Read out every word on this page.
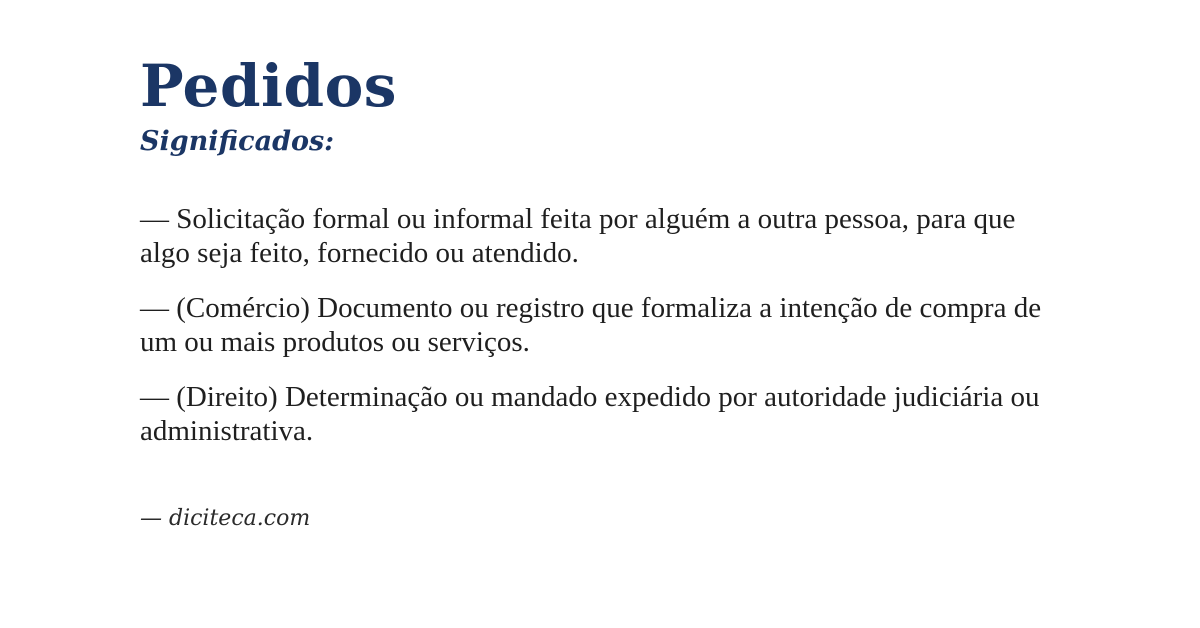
Pedidos
Significados:

— Solicitação formal ou informal feita por alguém a outra pessoa, para que algo seja feito, fornecido ou atendido.

— (Comércio) Documento ou registro que formaliza a intenção de compra de um ou mais produtos ou serviços.

— (Direito) Determinação ou mandado expedido por autoridade judiciária ou administrativa.

— diciteca.com
